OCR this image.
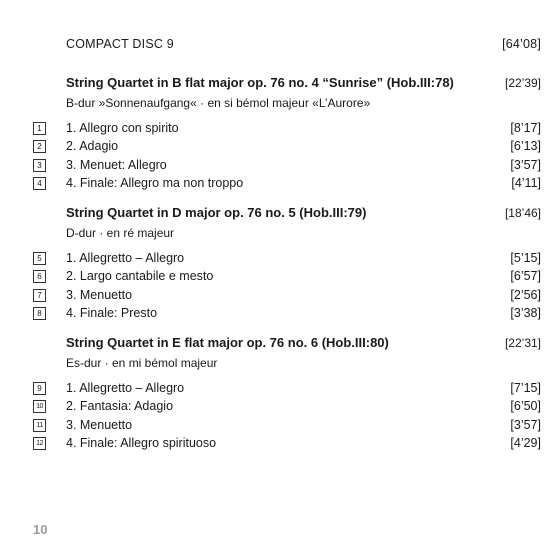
COMPACT DISC 9	[64’08]
String Quartet in B flat major op. 76 no. 4 “Sunrise” (Hob.III:78)	[22’39]
B-dur »Sonnenaufgang« · en si bémol majeur «L’Aurore»
1	1. Allegro con spirito	[8’17]
2	2. Adagio	[6’13]
3	3. Menuet: Allegro	[3’57]
4	4. Finale: Allegro ma non troppo	[4’11]
String Quartet in D major op. 76 no. 5 (Hob.III:79)	[18’46]
D-dur · en ré majeur
5	1. Allegretto – Allegro	[5’15]
6	2. Largo cantabile e mesto	[6’57]
7	3. Menuetto	[2’56]
8	4. Finale: Presto	[3’38]
String Quartet in E flat major op. 76 no. 6 (Hob.III:80)	[22’31]
Es-dur · en mi bémol majeur
9	1. Allegretto – Allegro	[7’15]
10 2. Fantasia: Adagio	[6’50]
11 3. Menuetto	[3’57]
12 4. Finale: Allegro spirituoso	[4’29]
10
